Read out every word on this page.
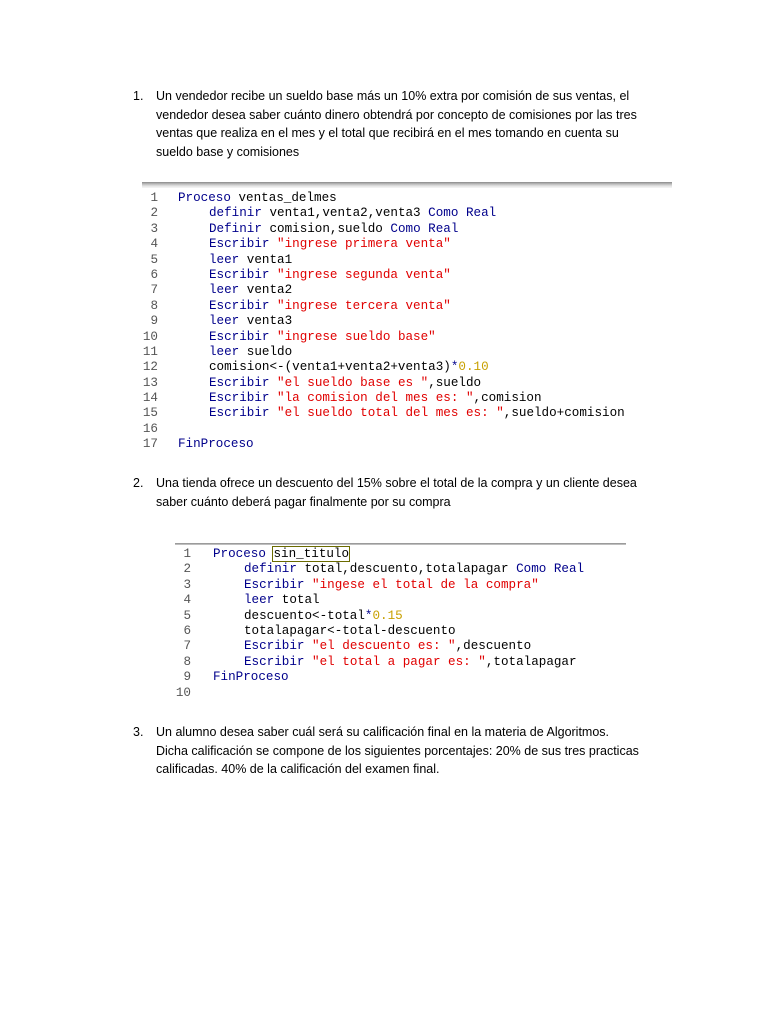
1. Un vendedor recibe un sueldo base más un 10% extra por comisión de sus ventas, el
vendedor desea saber cuánto dinero obtendrá por concepto de comisiones por las tres
ventas que realiza en el mes y el total que recibirá en el mes tomando en cuenta su
sueldo base y comisiones
1 Proceso ventas_delmes
2	definir venta1,venta2,venta3 Como Real
3	Definir comision,sueldo Como Real
4	Escribir "ingrese primera venta"
5	leer venta1
6	Escribir "ingrese segunda venta"
7	leer venta2
8	Escribir "ingrese tercera venta"
9	leer venta3
10	Escribir "ingrese sueldo base"
11	leer sueldo
12	comision<-(venta1+venta2+venta3)*0.10
13	Escribir "el sueldo base es ",sueldo
14	Escribir "la comision del mes es: ",comision
15	Escribir "el sueldo total del mes es: ",sueldo+comision
16
17 FinProceso
2. Una tienda ofrece un descuento del 15% sobre el total de la compra y un cliente desea
saber cuánto deberá pagar finalmente por su compra
1 Proceso sin_titulo
2	definir total,descuento,totalapagar Como Real
3	Escribir "ingese el total de la compra"
4	leer total
5	descuento<-total*0.15
6	totalapagar<-total-descuento
7	Escribir "el descuento es: ",descuento
8	Escribir "el total a pagar es: ",totalapagar
9 FinProceso
10
3. Un alumno desea saber cuál será su calificación final en la materia de Algoritmos.
Dicha calificación se compone de los siguientes porcentajes: 20% de sus tres practicas
calificadas. 40% de la calificación del examen final.
